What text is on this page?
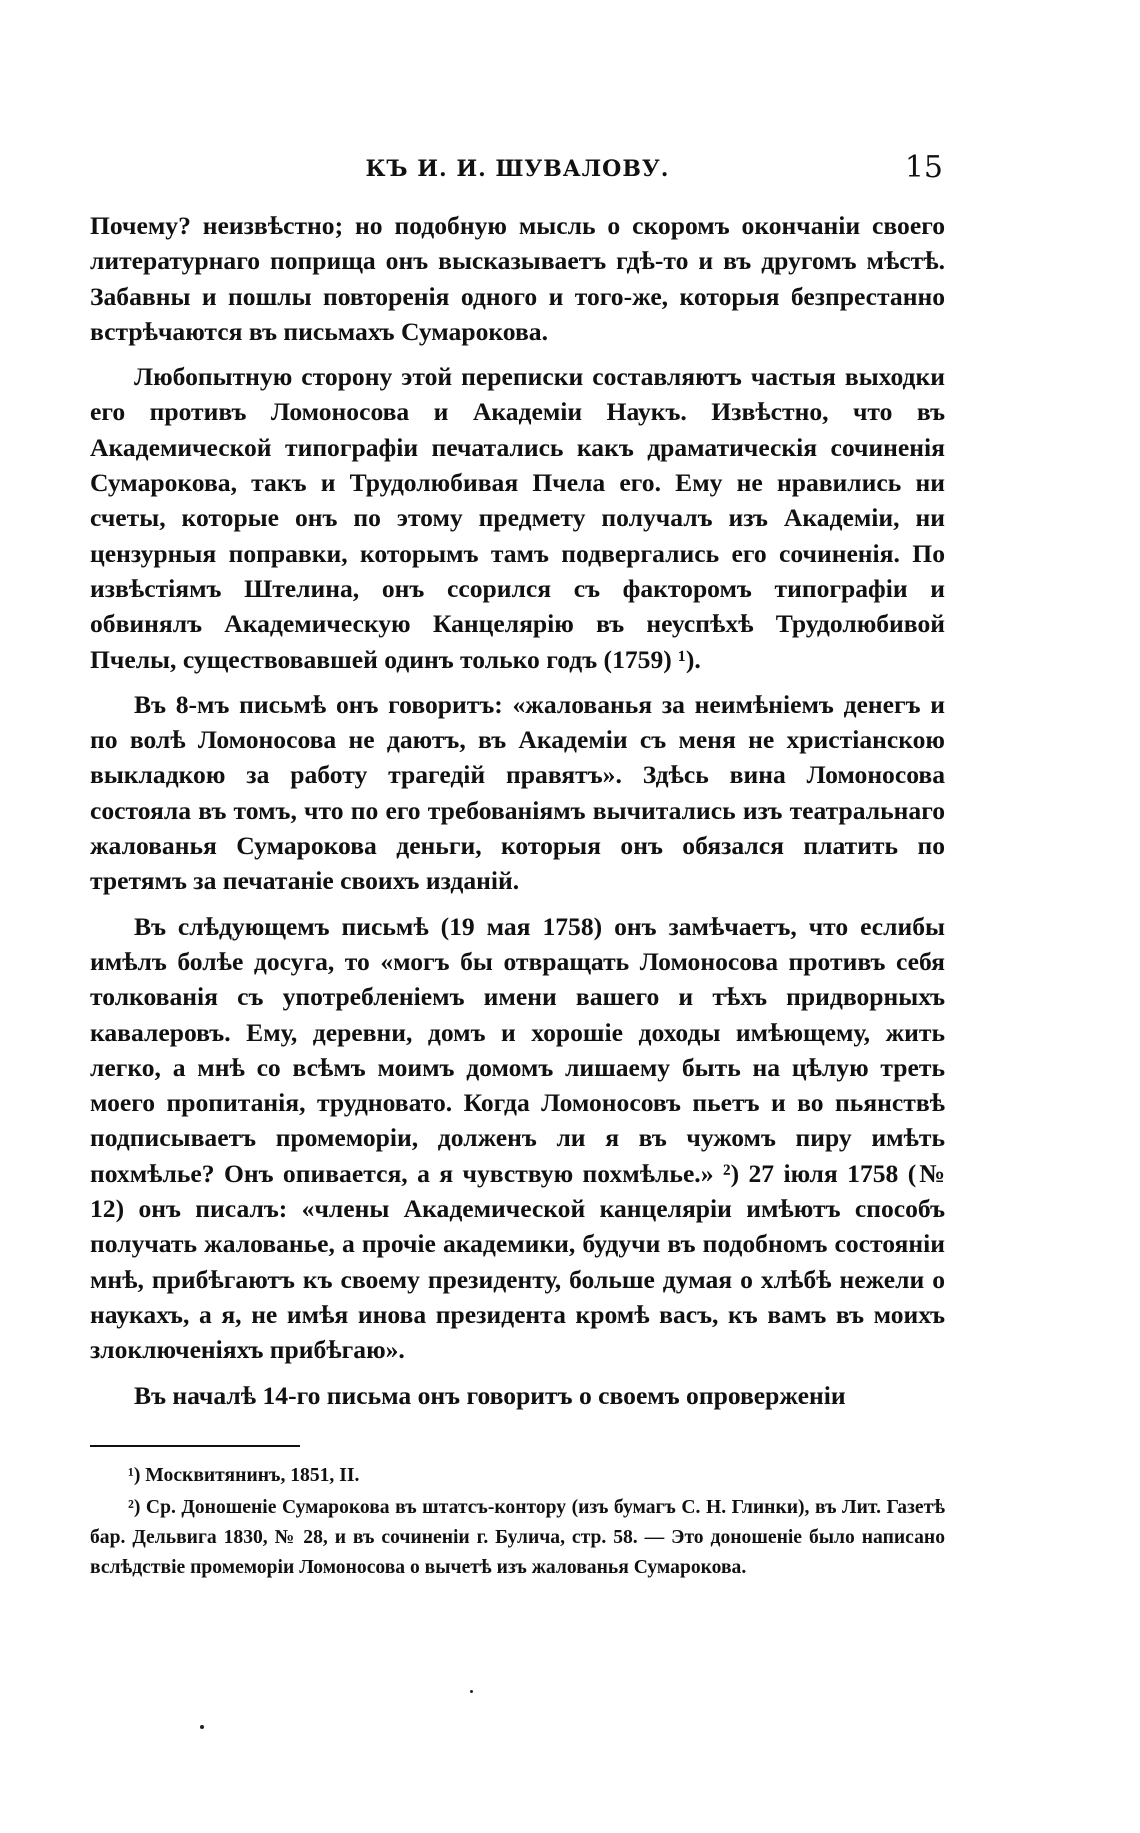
КЪ И. И. ШУВАЛОВУ.	15

Почему? неизвѣстно; но подобную мысль о скоромъ окончаніи своего литературнаго поприща онъ высказываетъ гдѣ-то и въ другомъ мѣстѣ. Забавны и пошлы повторенія одного и того-же, которыя безпрестанно встрѣчаются въ письмахъ Сумарокова.

Любопытную сторону этой переписки составляютъ частыя выходки его противъ Ломоносова и Академіи Наукъ. Извѣстно, что въ Академической типографіи печатались какъ драматическія сочиненія Сумарокова, такъ и Трудолюбивая Пчела его. Ему не нравились ни счеты, которые онъ по этому предмету получалъ изъ Академіи, ни цензурныя поправки, которымъ тамъ подвергались его сочиненія. По извѣстіямъ Штелина, онъ ссорился съ факторомъ типографіи и обвинялъ Академическую Канцелярію въ неуспѣхѣ Трудолюбивой Пчелы, существовавшей одинъ только годъ (1759) ¹).

Въ 8-мъ письмѣ онъ говоритъ: «жалованья за неимѣніемъ денегъ и по волѣ Ломоносова не даютъ, въ Академіи съ меня не христіанскою выкладкою за работу трагедій правятъ». Здѣсь вина Ломоносова состояла въ томъ, что по его требованіямъ вычитались изъ театральнаго жалованья Сумарокова деньги, которыя онъ обязался платить по третямъ за печатаніе своихъ изданій.

Въ слѣдующемъ письмѣ (19 мая 1758) онъ замѣчаетъ, что еслибы имѣлъ болѣе досуга, то «могъ бы отвращать Ломоносова противъ себя толкованія съ употребленіемъ имени вашего и тѣхъ придворныхъ кавалеровъ. Ему, деревни, домъ и хорошіе доходы имѣющему, жить легко, а мнѣ со всѣмъ моимъ домомъ лишаему быть на цѣлую треть моего пропитанія, трудновато. Когда Ломоносовъ пьетъ и во пьянствѣ подписываетъ промеморіи, долженъ ли я въ чужомъ пиру имѣть похмѣлье? Онъ опивается, а я чувствую похмѣлье.» ²) 27 іюля 1758 (№ 12) онъ писалъ: «члены Академической канцеляріи имѣютъ способъ получать жалованье, а прочіе академики, будучи въ подобномъ состояніи мнѣ, прибѣгаютъ къ своему президенту, больше думая о хлѣбѣ нежели о наукахъ, а я, не имѣя инова президента кромѣ васъ, къ вамъ въ моихъ злоключеніяхъ прибѣгаю».

Въ началѣ 14-го письма онъ говоритъ о своемъ опроверженіи

¹) Москвитянинъ, 1851, II.

²) Ср. Доношеніе Сумарокова въ штатсъ-контору (изъ бумагъ С. Н. Глинки), въ Лит. Газетѣ бар. Дельвига 1830, № 28, и въ сочиненіи г. Булича, стр. 58. — Это доношеніе было написано вслѣдствіе промеморіи Ломоносова о вычетѣ изъ жалованья Сумарокова.
